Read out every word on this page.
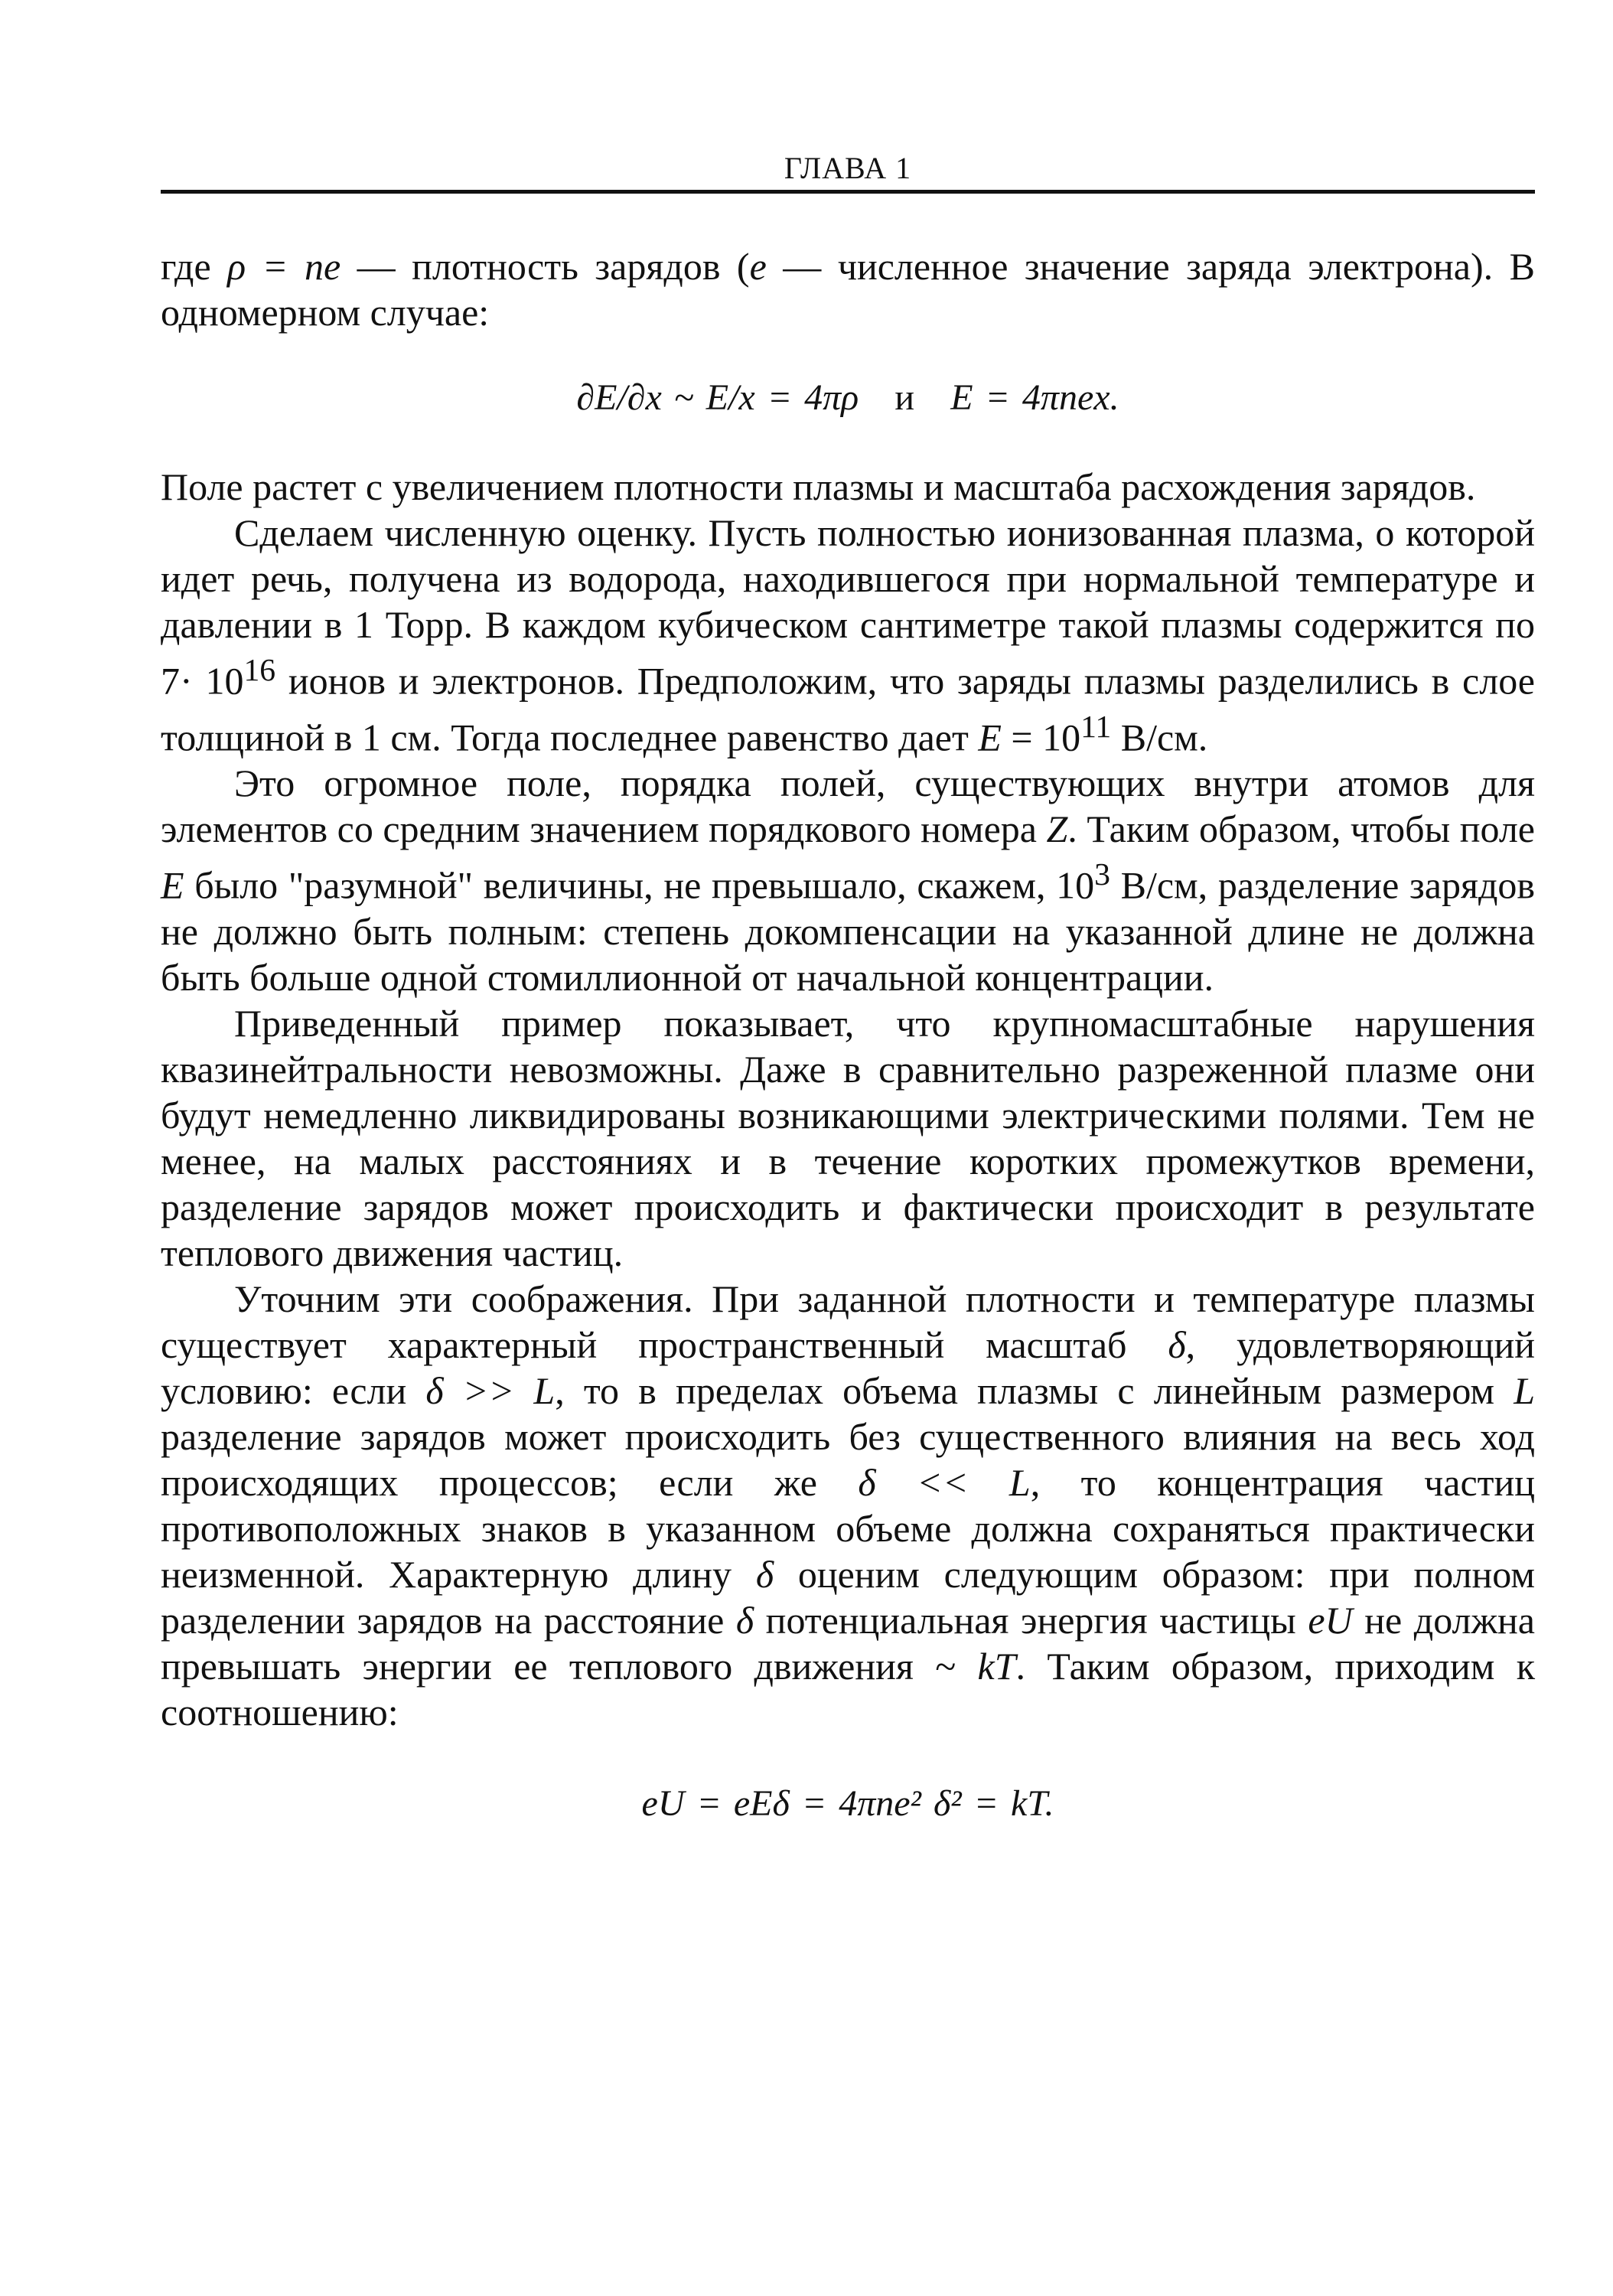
ГЛАВА 1

где ρ = ne — плотность зарядов (e — численное значение заряда электрона). В одномерном случае:

∂E/∂x ~ E/x = 4πρ и E = 4πnex.

Поле растет с увеличением плотности плазмы и масштаба расхождения зарядов.

Сделаем численную оценку. Пусть полностью ионизованная плазма, о которой идет речь, получена из водорода, находившегося при нормальной температуре и давлении в 1 Торр. В каждом кубическом сантиметре такой плазмы содержится по $7\cdot 10^{16}$ ионов и электронов. Предположим, что заряды плазмы разделились в слое толщиной в 1 см. Тогда последнее равенство дает $E = 10^{11}$ В/см.

Это огромное поле, порядка полей, существующих внутри атомов для элементов со средним значением порядкового номера Z. Таким образом, чтобы поле E было "разумной" величины, не превышало, скажем, $10^3$ В/см, разделение зарядов не должно быть полным: степень докомпенсации на указанной длине не должна быть больше одной стомиллионной от начальной концентрации.

Приведенный пример показывает, что крупномасштабные нарушения квазинейтральности невозможны. Даже в сравнительно разреженной плазме они будут немедленно ликвидированы возникающими электрическими полями. Тем не менее, на малых расстояниях и в течение коротких промежутков времени, разделение зарядов может происходить и фактически происходит в результате теплового движения частиц.

Уточним эти соображения. При заданной плотности и температуре плазмы существует характерный пространственный масштаб δ, удовлетворяющий условию: если δ >> L, то в пределах объема плазмы с линейным размером L разделение зарядов может происходить без существенного влияния на весь ход происходящих процессов; если же δ << L, то концентрация частиц противоположных знаков в указанном объеме должна сохраняться практически неизменной. Характерную длину δ оценим следующим образом: при полном разделении зарядов на расстояние δ потенциальная энергия частицы eU не должна превышать энергии ее теплового движения ~ kT. Таким образом, приходим к соотношению:

eU = eEδ = 4πne² δ² = kT.
